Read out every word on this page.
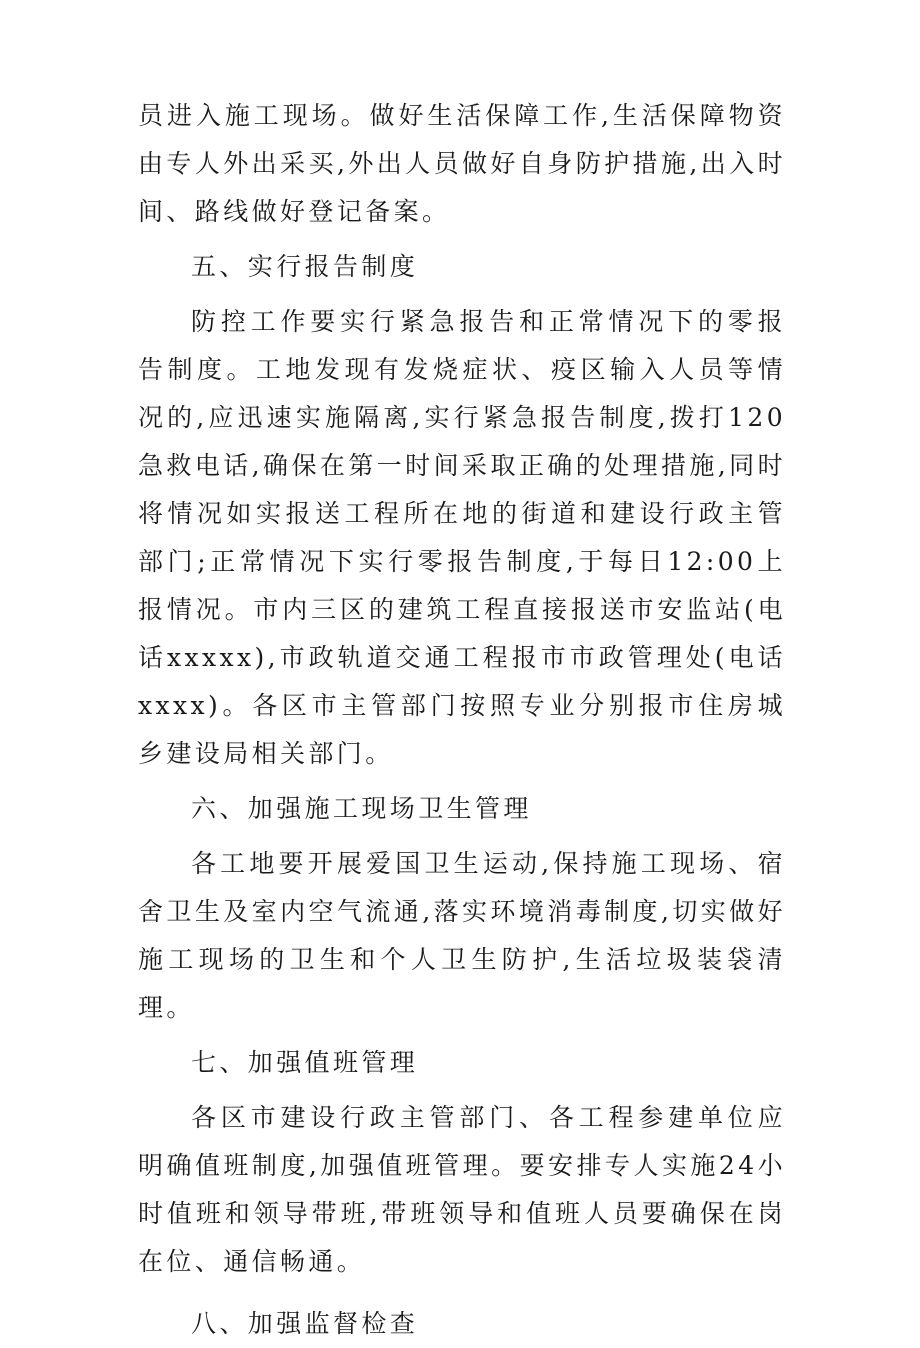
员进入施工现场。做好生活保障工作,生活保障物资由专人外出采买,外出人员做好自身防护措施,出入时间、路线做好登记备案。

五、实行报告制度

防控工作要实行紧急报告和正常情况下的零报告制度。工地发现有发烧症状、疫区输入人员等情况的,应迅速实施隔离,实行紧急报告制度,拨打120急救电话,确保在第一时间采取正确的处理措施,同时将情况如实报送工程所在地的街道和建设行政主管部门;正常情况下实行零报告制度,于每日12:00上报情况。市内三区的建筑工程直接报送市安监站(电话xxxxx),市政轨道交通工程报市市政管理处(电话xxxx)。各区市主管部门按照专业分别报市住房城乡建设局相关部门。

六、加强施工现场卫生管理

各工地要开展爱国卫生运动,保持施工现场、宿舍卫生及室内空气流通,落实环境消毒制度,切实做好施工现场的卫生和个人卫生防护,生活垃圾装袋清理。

七、加强值班管理

各区市建设行政主管部门、各工程参建单位应明确值班制度,加强值班管理。要安排专人实施24小时值班和领导带班,带班领导和值班人员要确保在岗在位、通信畅通。

八、加强监督检查
